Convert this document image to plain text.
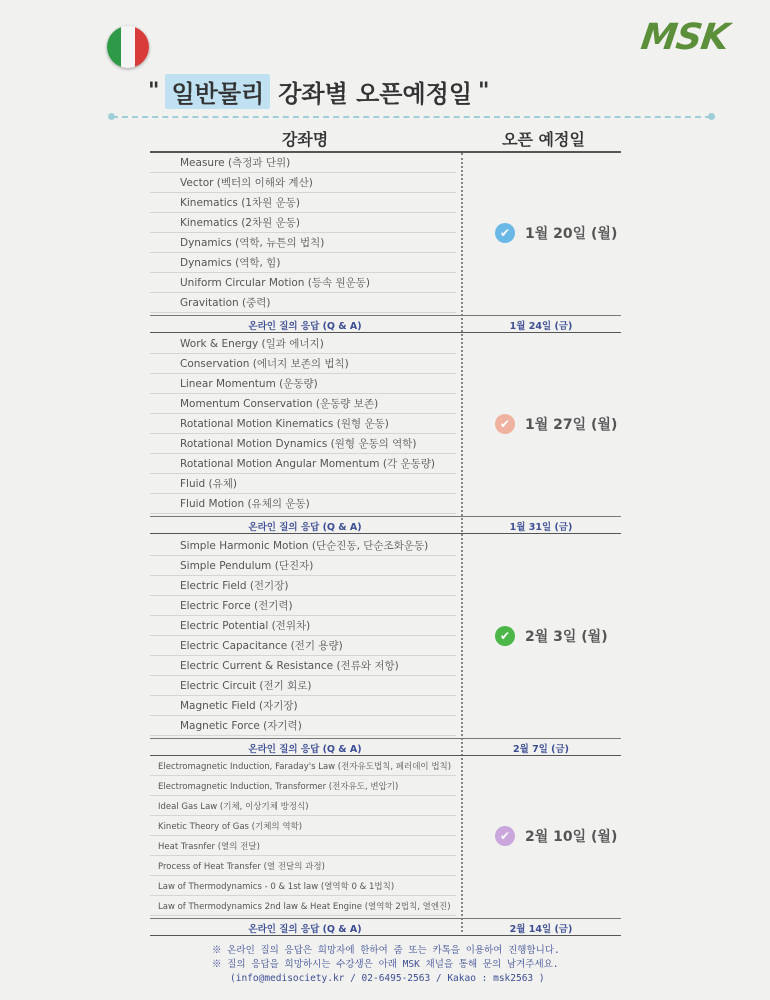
MSK
" 일반물리 강좌별 오픈예정일 "
강좌명	오픈 예정일
Measure (측정과 단위)
Vector (벡터의 이해와 계산)
Kinematics (1차원 운동)
Kinematics (2차원 운동)
Dynamics (역학, 뉴튼의 법칙)
Dynamics (역학, 힘)
Uniform Circular Motion (등속 원운동)
Gravitation (중력)
✔	1월 20일 (월)
온라인 질의 응답 (Q & A)	1월 24일 (금)
Work & Energy (일과 에너지)
Conservation (에너지 보존의 법칙)
Linear Momentum (운동량)
Momentum Conservation (운동량 보존)
Rotational Motion Kinematics (원형 운동)
Rotational Motion Dynamics (원형 운동의 역학)
Rotational Motion Angular Momentum (각 운동량)
Fluid (유체)
Fluid Motion (유체의 운동)
✔	1월 27일 (월)
온라인 질의 응답 (Q & A)	1월 31일 (금)
Simple Harmonic Motion (단순진동, 단순조화운동)
Simple Pendulum (단진자)
Electric Field (전기장)
Electric Force (전기력)
Electric Potential (전위차)
Electric Capacitance (전기 용량)
Electric Current & Resistance (전류와 저항)
Electric Circuit (전기 회로)
Magnetic Field (자기장)
Magnetic Force (자기력)
✔	2월 3일 (월)
온라인 질의 응답 (Q & A)	2월 7일 (금)
Electromagnetic Induction, Faraday's Law (전자유도법칙, 페러데이 법칙)
Electromagnetic Induction, Transformer (전자유도, 변압기)
Ideal Gas Law (기체, 이상기체 방정식)
Kinetic Theory of Gas (기체의 역학)
Heat Trasnfer (열의 전달)
Process of Heat Transfer (열 전달의 과정)
Law of Thermodynamics - 0 & 1st law (열역학 0 & 1법칙)
Law of Thermodynamics 2nd law & Heat Engine (열역학 2법칙, 열엔진)
✔	2월 10일 (월)
온라인 질의 응답 (Q & A)	2월 14일 (금)
※ 온라인 질의 응답은 희망자에 한하여 줌 또는 카톡을 이용하여 진행합니다.
※ 질의 응답을 희망하시는 수강생은 아래 MSK 채널을 통해 문의 남겨주세요.
(info@medisociety.kr / 02-6495-2563 / Kakao : msk2563 )
